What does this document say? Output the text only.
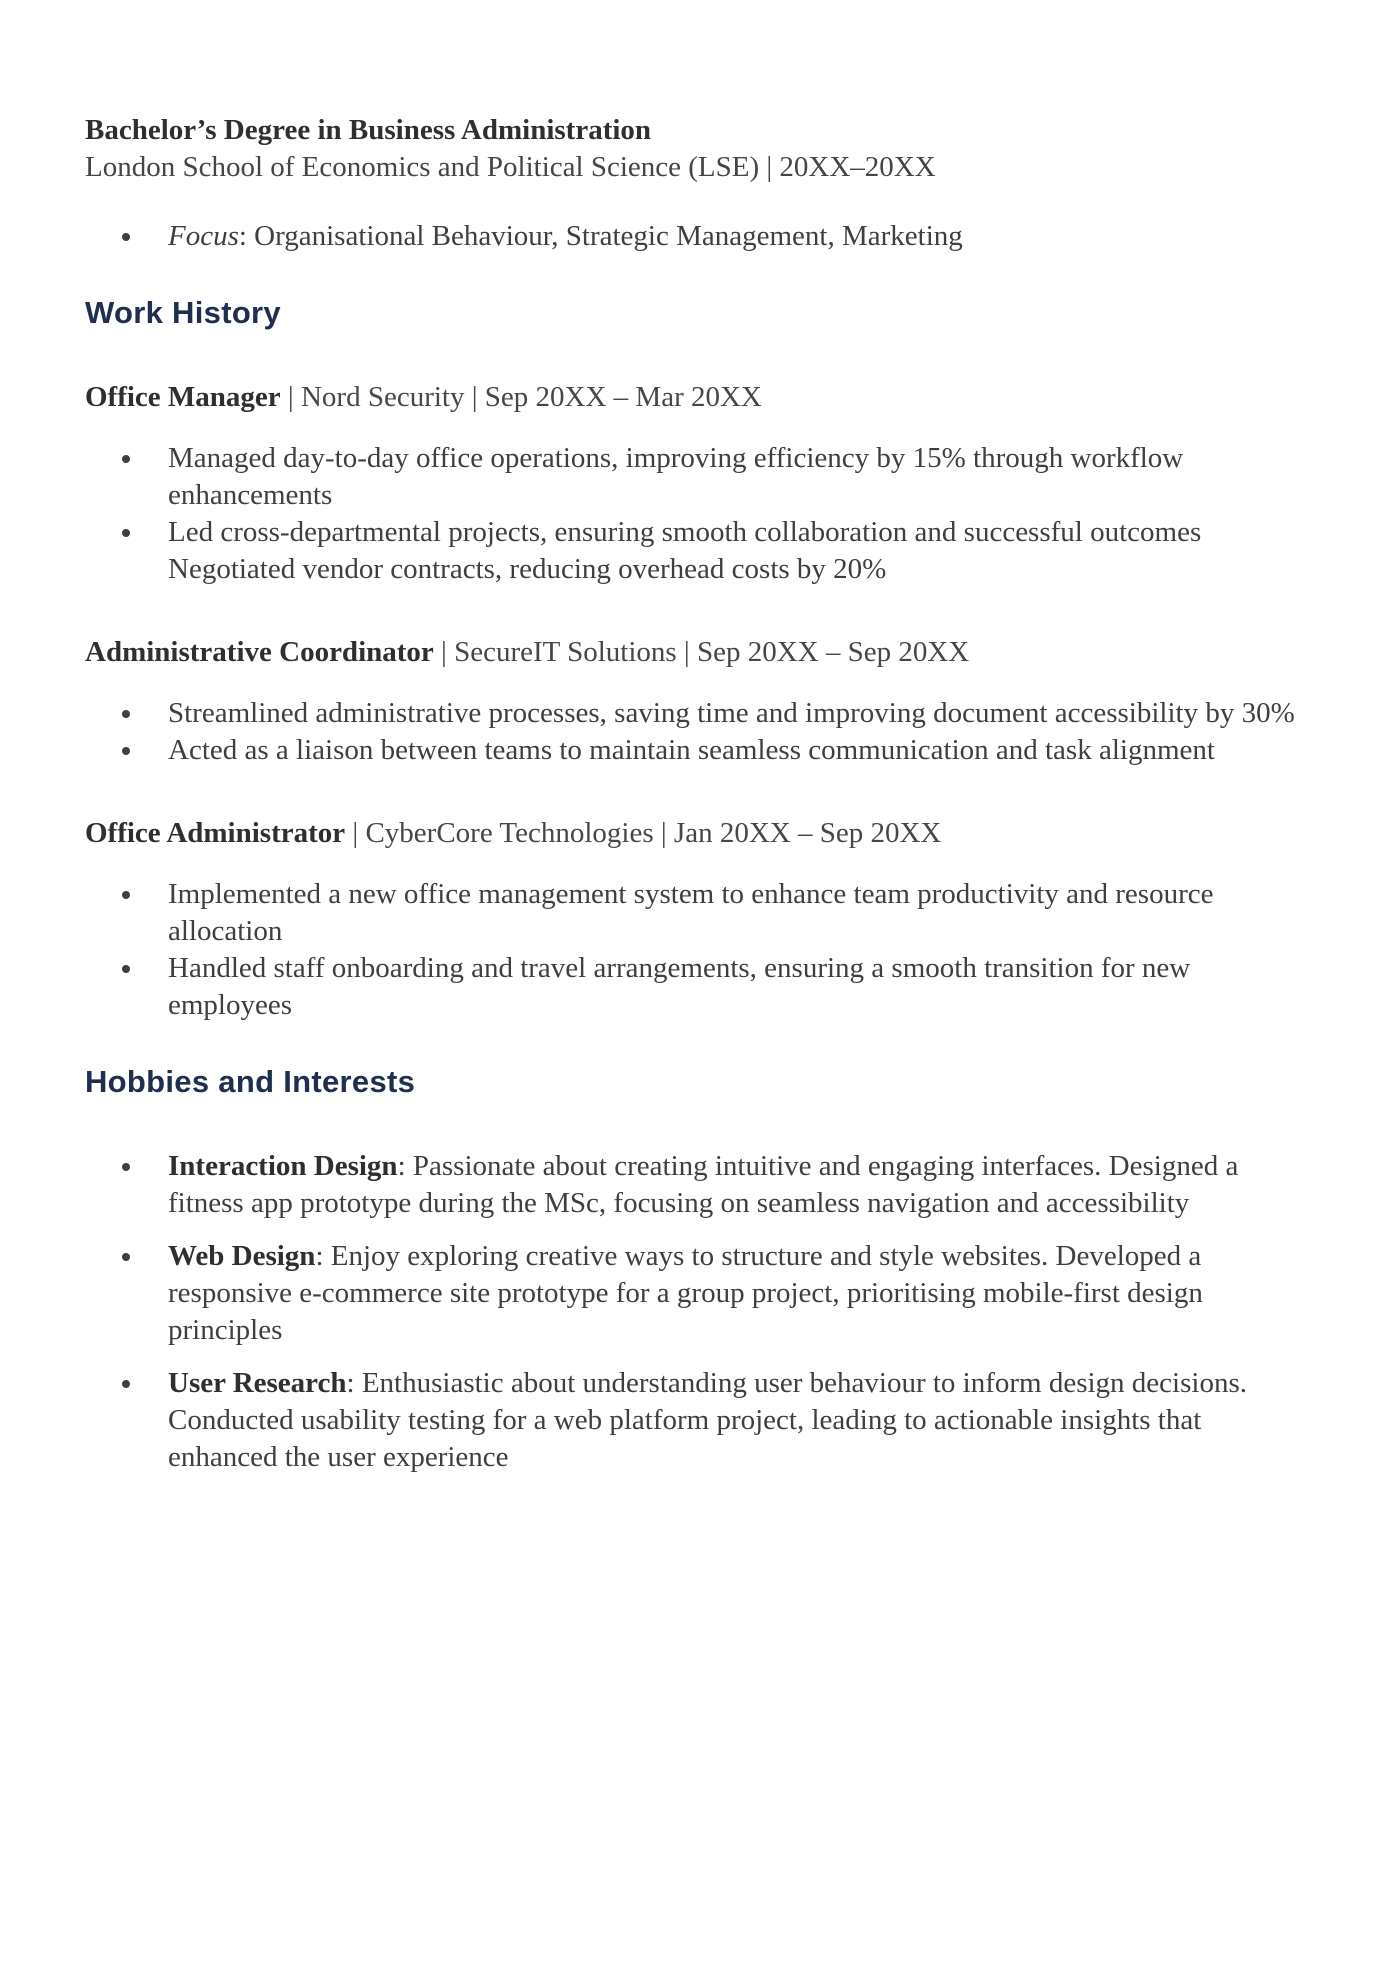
Bachelor’s Degree in Business Administration

London School of Economics and Political Science (LSE) | 20XX–20XX

Focus: Organisational Behaviour, Strategic Management, Marketing
Work History

Office Manager | Nord Security | Sep 20XX – Mar 20XX

Managed day-to-day office operations, improving efficiency by 15% through workflow enhancements
Led cross-departmental projects, ensuring smooth collaboration and successful outcomes
Negotiated vendor contracts, reducing overhead costs by 20%

Administrative Coordinator | SecureIT Solutions | Sep 20XX – Sep 20XX

Streamlined administrative processes, saving time and improving document accessibility by 30%
Acted as a liaison between teams to maintain seamless communication and task alignment

Office Administrator | CyberCore Technologies | Jan 20XX – Sep 20XX

Implemented a new office management system to enhance team productivity and resource allocation
Handled staff onboarding and travel arrangements, ensuring a smooth transition for new employees
Hobbies and Interests
Interaction Design: Passionate about creating intuitive and engaging interfaces. Designed a fitness app prototype during the MSc, focusing on seamless navigation and accessibility
Web Design: Enjoy exploring creative ways to structure and style websites. Developed a responsive e-commerce site prototype for a group project, prioritising mobile-first design principles
User Research: Enthusiastic about understanding user behaviour to inform design decisions. Conducted usability testing for a web platform project, leading to actionable insights that enhanced the user experience
